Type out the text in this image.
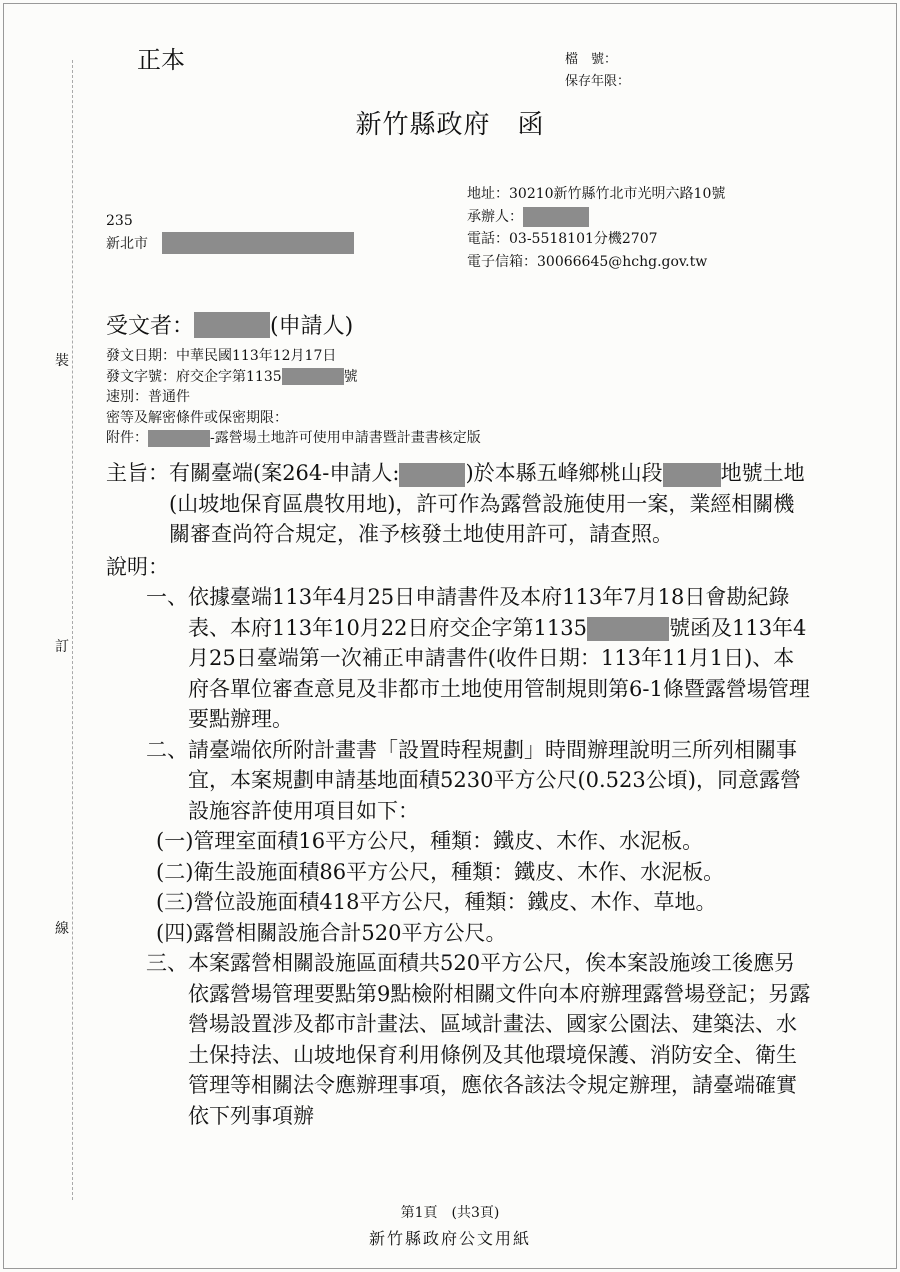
裝
訂
線
正本	檔　號：
保存年限：
新竹縣政府　函
地址：30210新竹縣竹北市光明六路10號
承辦人：
電話：03-5518101分機2707
電子信箱：30066645@hchg.gov.tw
235
新北市
受文者：	(申請人)
發文日期：中華民國113年12月17日
發文字號：府交企字第1135	號
速別：普通件
密等及解密條件或保密期限：
附件：	-露營場土地許可使用申請書暨計畫書核定版
主旨： 有關臺端(案264-申請人:	)於本縣五峰鄉桃山段	地號土地(山坡地保育區農牧用地)，許可作為露營設施使用一案，業經相關機關審查尚符合規定，准予核發土地使用許可，請查照。
說明：
一、 依據臺端113年4月25日申請書件及本府113年7月18日會勘紀錄表、本府113年10月22日府交企字第1135	號函及113年4月25日臺端第一次補正申請書件(收件日期：113年11月1日)、本府各單位審查意見及非都市土地使用管制規則第6-1條暨露營場管理要點辦理。
二、 請臺端依所附計畫書「設置時程規劃」時間辦理說明三所列相關事宜，本案規劃申請基地面積5230平方公尺(0.523公頃)，同意露營設施容許使用項目如下：
(一) 管理室面積16平方公尺，種類：鐵皮、木作、水泥板。
(二) 衛生設施面積86平方公尺，種類：鐵皮、木作、水泥板。
(三) 營位設施面積418平方公尺，種類：鐵皮、木作、草地。
(四) 露營相關設施合計520平方公尺。
三、 本案露營相關設施區面積共520平方公尺，俟本案設施竣工後應另依露營場管理要點第9點檢附相關文件向本府辦理露營場登記；另露營場設置涉及都市計畫法、區域計畫法、國家公園法、建築法、水土保持法、山坡地保育利用條例及其他環境保護、消防安全、衛生管理等相關法令應辦理事項，應依各該法令規定辦理，請臺端確實依下列事項辦
第1頁　(共3頁)
新竹縣政府公文用紙
